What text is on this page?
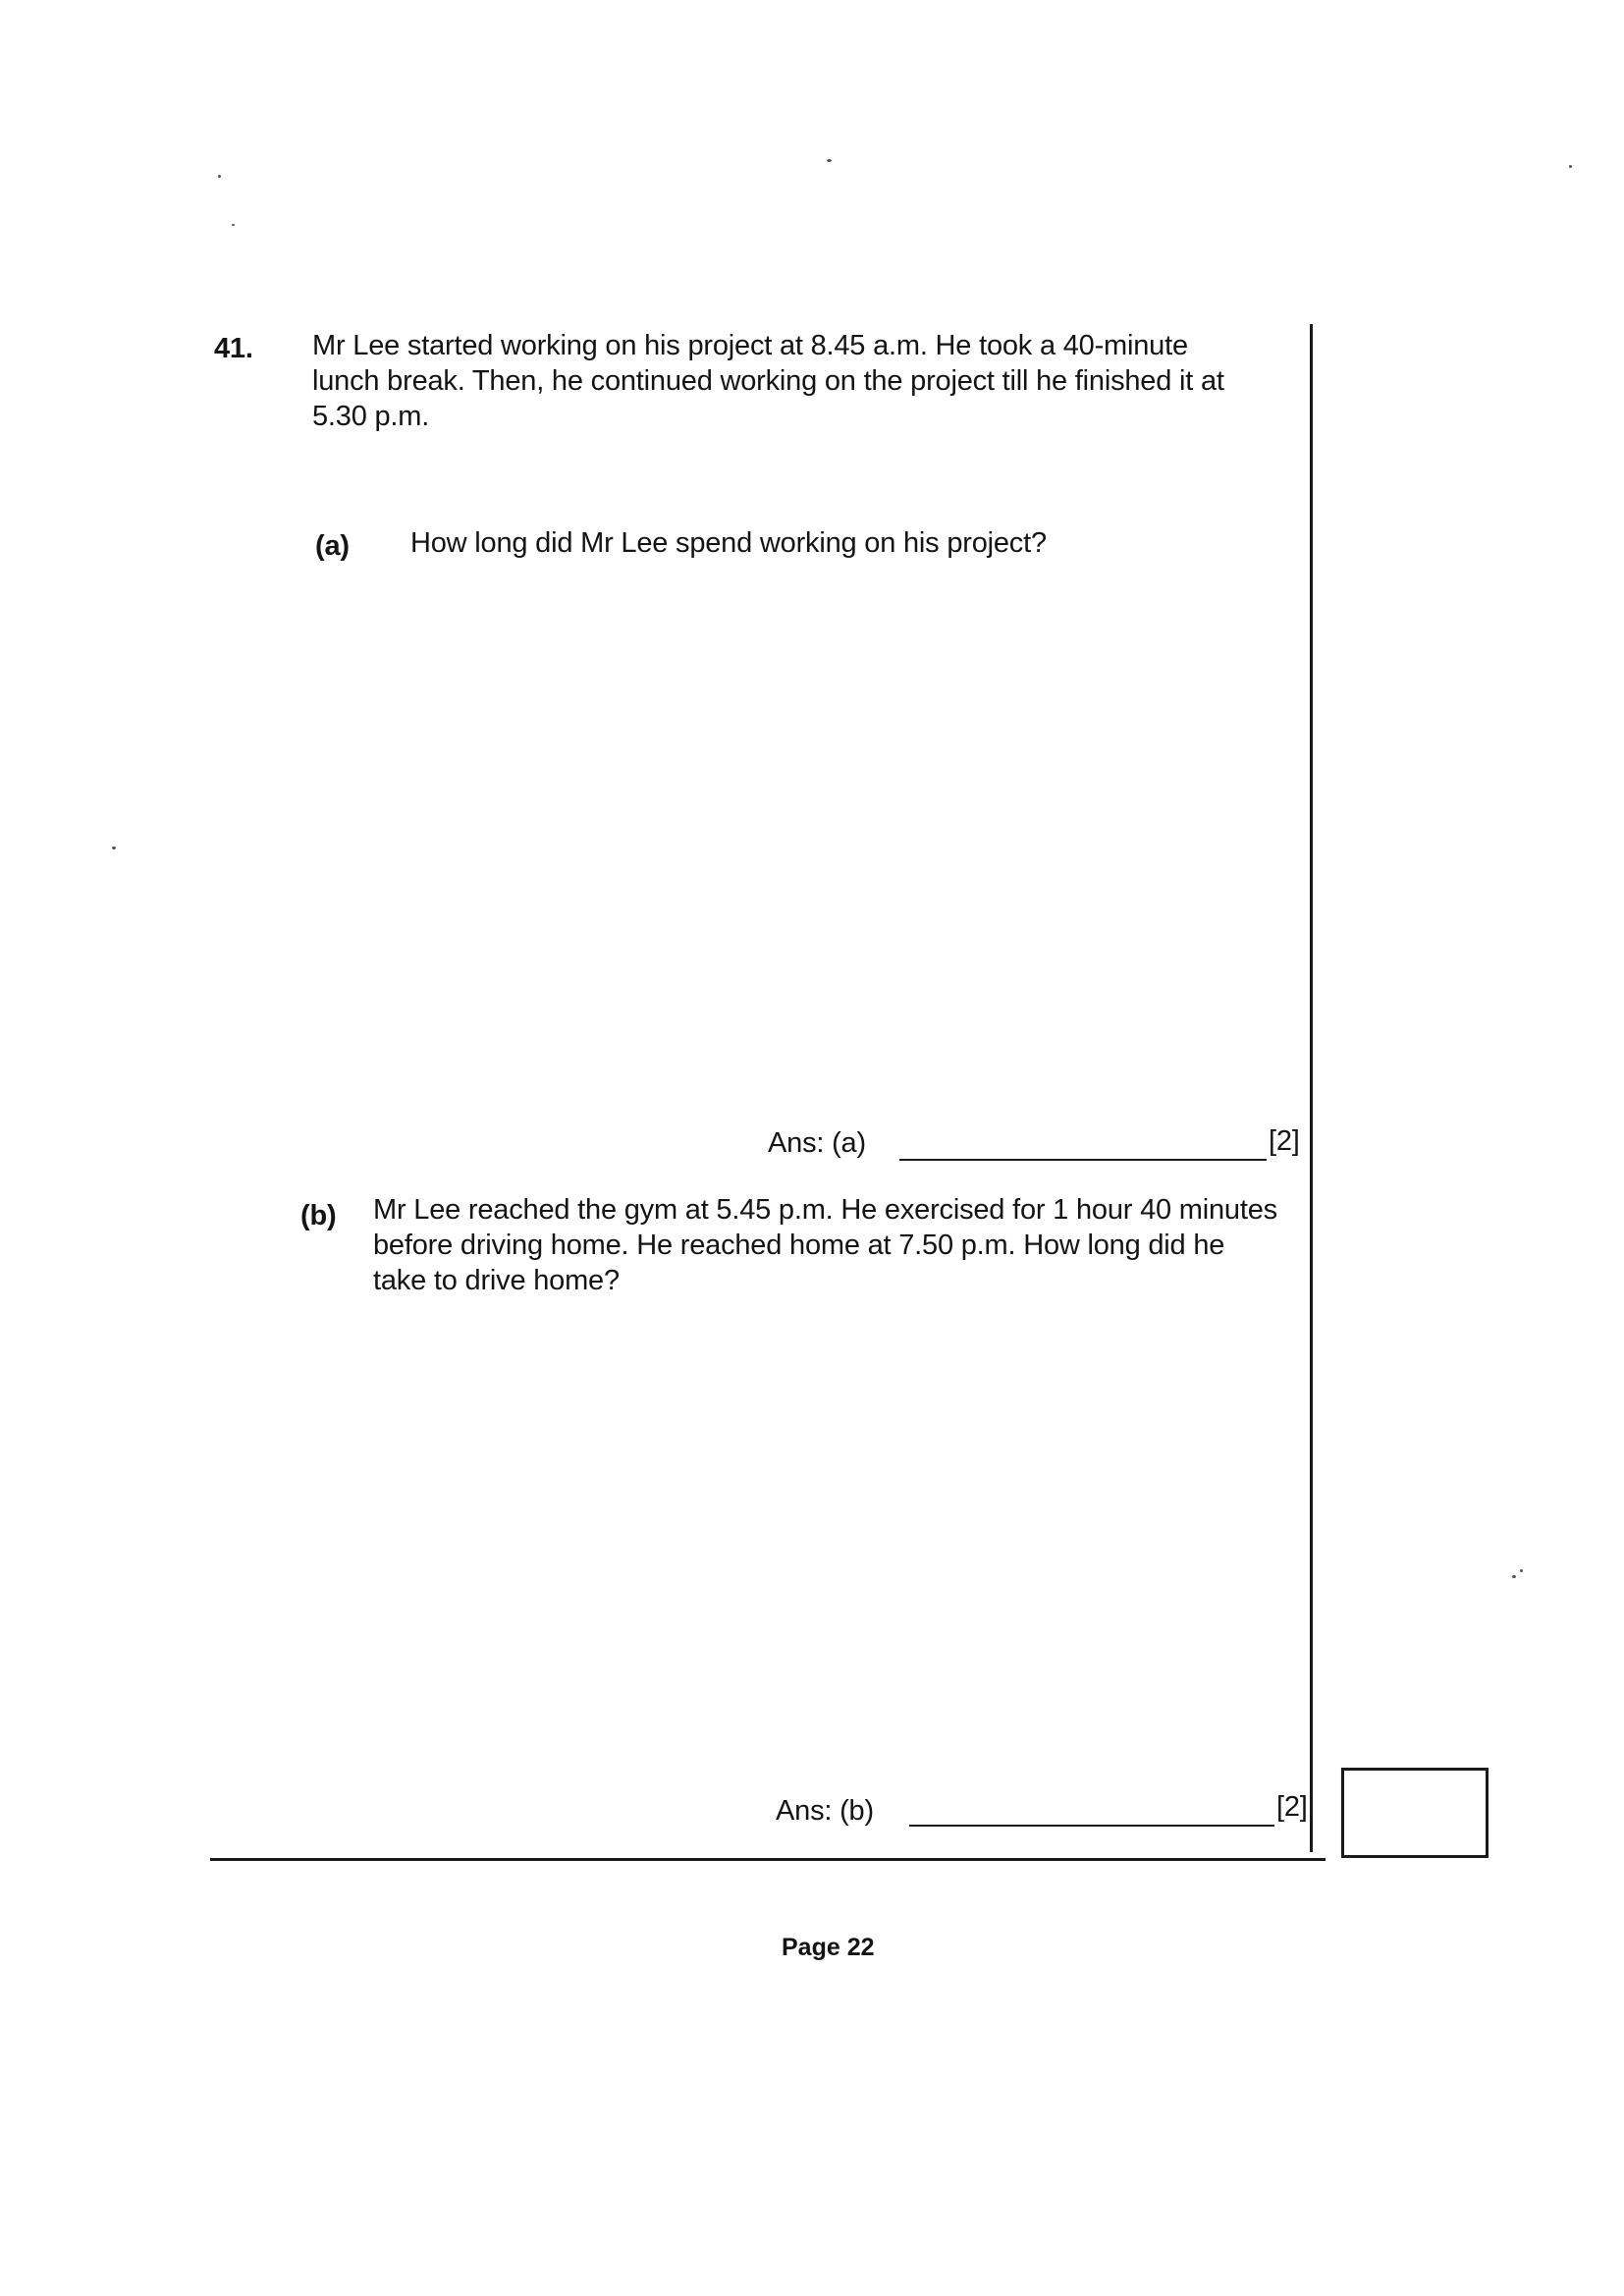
41. Mr Lee started working on his project at 8.45 a.m. He took a 40-minute
lunch break. Then, he continued working on the project till he finished it at
5.30 p.m.
(a) How long did Mr Lee spend working on his project?
Ans: (a)	[2]
(b) Mr Lee reached the gym at 5.45 p.m. He exercised for 1 hour 40 minutes
before driving home. He reached home at 7.50 p.m. How long did he
take to drive home?
Ans: (b)	[2]
Page 22
